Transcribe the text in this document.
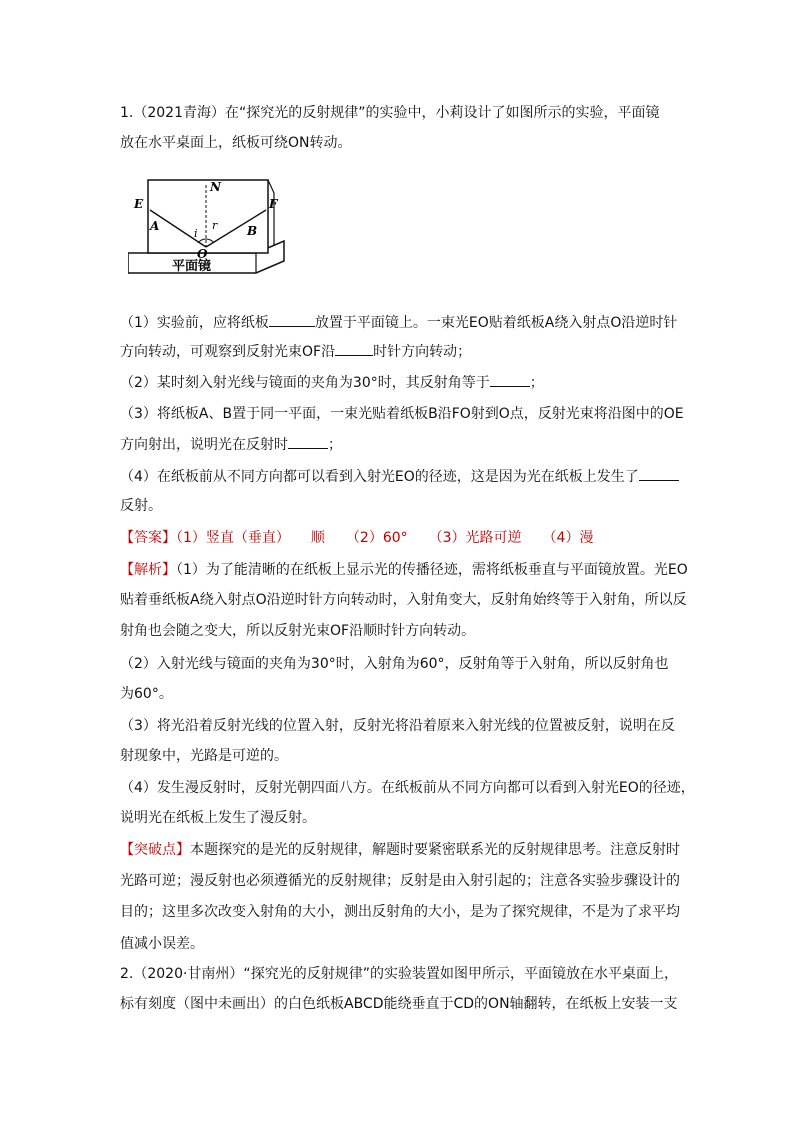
1.（2021青海）在“探究光的反射规律”的实验中，小莉设计了如图所示的实验，平面镜
放在水平桌面上，纸板可绕ON转动。
N
E	F
A	B
i
r
O
平面镜
（1）实验前，应将纸板	放置于平面镜上。一束光EO贴着纸板A绕入射点O沿逆时针
方向转动，可观察到反射光束OF沿	时针方向转动；
（2）某时刻入射光线与镜面的夹角为30°时，其反射角等于	；
（3）将纸板A、B置于同一平面，一束光贴着纸板B沿FO射到O点，反射光束将沿图中的OE
方向射出，说明光在反射时	；
（4）在纸板前从不同方向都可以看到入射光EO的径迹，这是因为光在纸板上发生了
反射。
【答案】（1）竖直（垂直）　　顺　　（2）60°　　（3）光路可逆　　（4）漫
【解析】（1）为了能清晰的在纸板上显示光的传播径迹，需将纸板垂直与平面镜放置。光EO
贴着垂纸板A绕入射点O沿逆时针方向转动时，入射角变大，反射角始终等于入射角，所以反
射角也会随之变大，所以反射光束OF沿顺时针方向转动。
（2）入射光线与镜面的夹角为30°时，入射角为60°，反射角等于入射角，所以反射角也
为60°。
（3）将光沿着反射光线的位置入射，反射光将沿着原来入射光线的位置被反射，说明在反
射现象中，光路是可逆的。
（4）发生漫反射时，反射光朝四面八方。在纸板前从不同方向都可以看到入射光EO的径迹，
说明光在纸板上发生了漫反射。
【突破点】本题探究的是光的反射规律，解题时要紧密联系光的反射规律思考。注意反射时
光路可逆；漫反射也必须遵循光的反射规律；反射是由入射引起的；注意各实验步骤设计的
目的；这里多次改变入射角的大小，测出反射角的大小，是为了探究规律，不是为了求平均
值减小误差。
2.（2020·甘南州）“探究光的反射规律”的实验装置如图甲所示，平面镜放在水平桌面上，
标有刻度（图中未画出）的白色纸板ABCD能绕垂直于CD的ON轴翻转，在纸板上安装一支
